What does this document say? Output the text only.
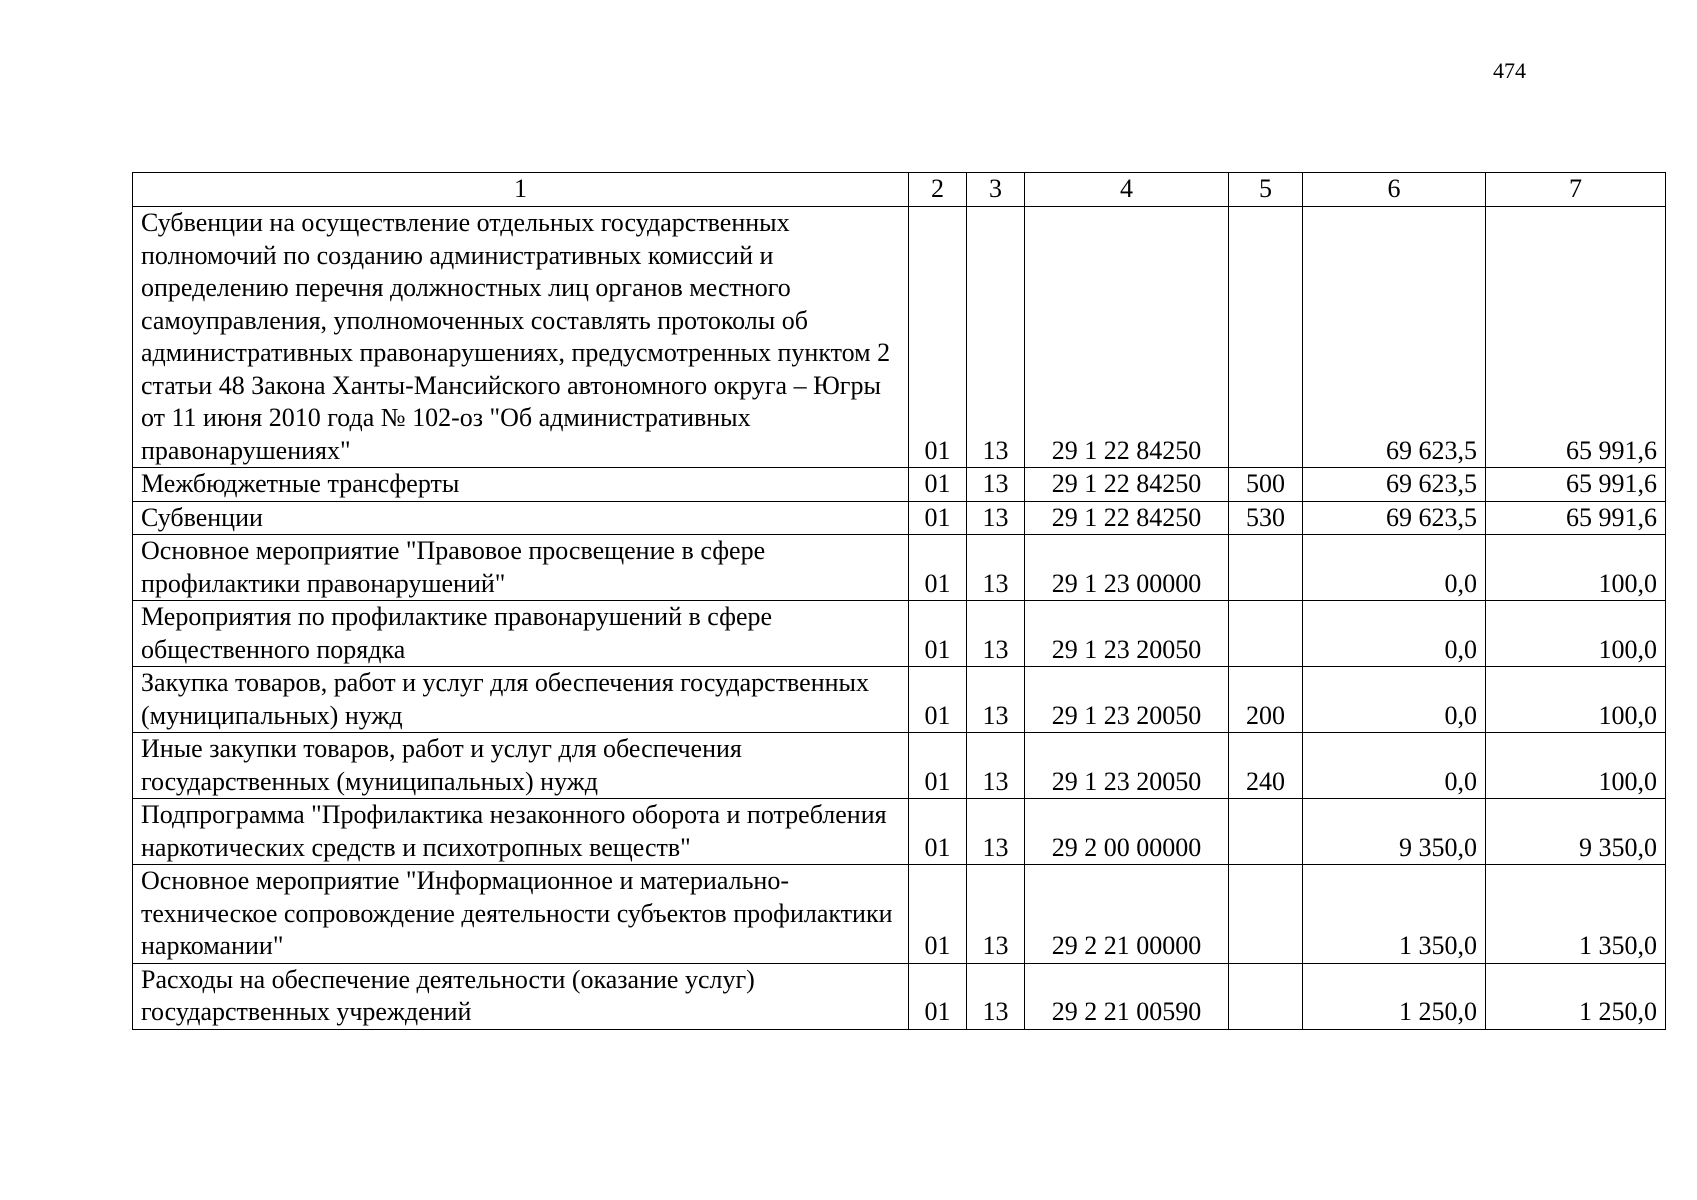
474
1	2	3	4	5	6	7
Субвенции на осуществление отдельных государственных полномочий по созданию административных комиссий и определению перечня должностных лиц органов местного самоуправления, уполномоченных составлять протоколы об административных правонарушениях, предусмотренных пунктом 2 статьи 48 Закона Ханты-Мансийского автономного округа – Югры от 11 июня 2010 года № 102-оз "Об административных правонарушениях"	01	13	29 1 22 84250		69 623,5	65 991,6
Межбюджетные трансферты	01	13	29 1 22 84250	500	69 623,5	65 991,6
Субвенции	01	13	29 1 22 84250	530	69 623,5	65 991,6
Основное мероприятие "Правовое просвещение в сфере профилактики правонарушений"	01	13	29 1 23 00000		0,0	100,0
Мероприятия по профилактике правонарушений в сфере общественного порядка	01	13	29 1 23 20050		0,0	100,0
Закупка товаров, работ и услуг для обеспечения государственных (муниципальных) нужд	01	13	29 1 23 20050	200	0,0	100,0
Иные закупки товаров, работ и услуг для обеспечения государственных (муниципальных) нужд	01	13	29 1 23 20050	240	0,0	100,0
Подпрограмма "Профилактика незаконного оборота и потребления наркотических средств и психотропных веществ"	01	13	29 2 00 00000		9 350,0	9 350,0
Основное мероприятие "Информационное и материально-техническое сопровождение деятельности субъектов профилактики наркомании"	01	13	29 2 21 00000		1 350,0	1 350,0
Расходы на обеспечение деятельности (оказание услуг) государственных учреждений	01	13	29 2 21 00590		1 250,0	1 250,0
